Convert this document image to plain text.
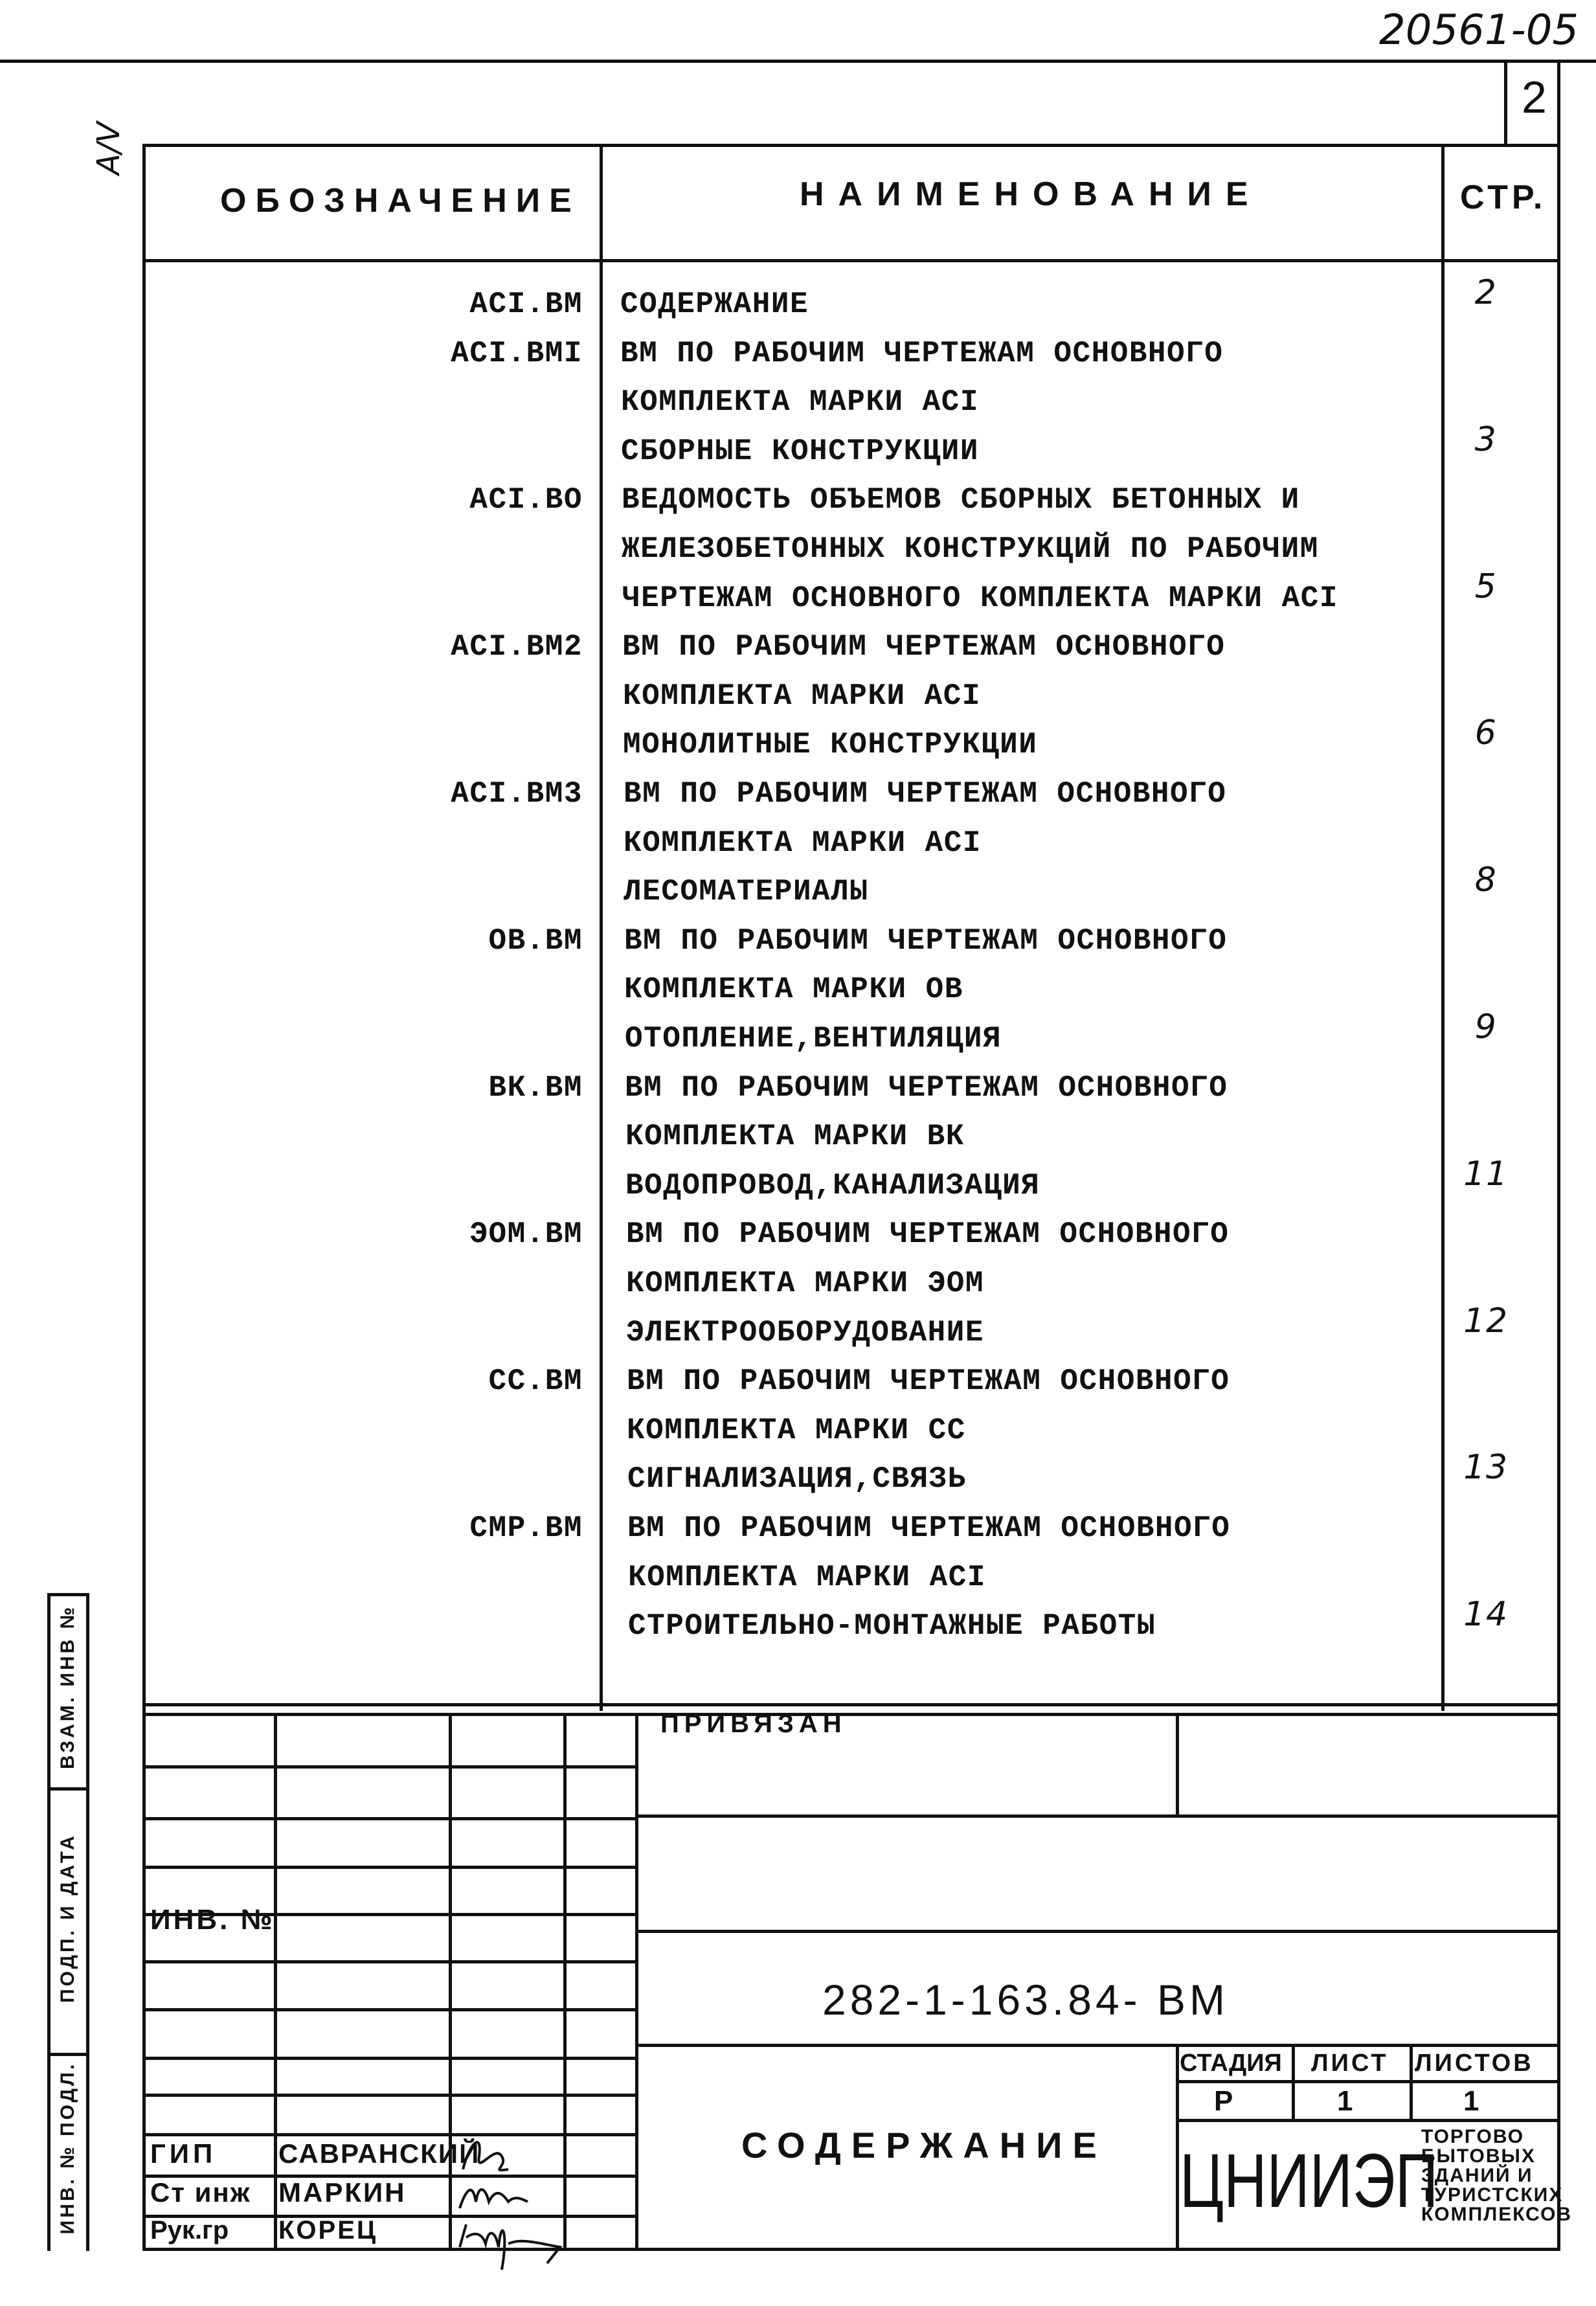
20561-05
2
А/V
ОБОЗНАЧЕНИЕ	НАИМЕНОВАНИЕ	СТР.
АСI.ВМ СОДЕРЖАНИЕ	2
АСI.ВМI ВМ ПО РАБОЧИМ ЧЕРТЕЖАМ ОСНОВНОГО
КОМПЛЕКТА МАРКИ АСI
СБОРНЫЕ КОНСТРУКЦИИ	3
АСI.ВО ВЕДОМОСТЬ ОБЪЕМОВ СБОРНЫХ БЕТОННЫХ И
ЖЕЛЕЗОБЕТОННЫХ КОНСТРУКЦИЙ ПО РАБОЧИМ
ЧЕРТЕЖАМ ОСНОВНОГО КОМПЛЕКТА МАРКИ АСI	5
АСI.ВМ2 ВМ ПО РАБОЧИМ ЧЕРТЕЖАМ ОСНОВНОГО
КОМПЛЕКТА МАРКИ АСI
МОНОЛИТНЫЕ КОНСТРУКЦИИ	6
АСI.ВМ3 ВМ ПО РАБОЧИМ ЧЕРТЕЖАМ ОСНОВНОГО
КОМПЛЕКТА МАРКИ АСI
ЛЕСОМАТЕРИАЛЫ	8
ОВ.ВМ ВМ ПО РАБОЧИМ ЧЕРТЕЖАМ ОСНОВНОГО
КОМПЛЕКТА МАРКИ ОВ
ОТОПЛЕНИЕ,ВЕНТИЛЯЦИЯ	9
ВК.ВМ ВМ ПО РАБОЧИМ ЧЕРТЕЖАМ ОСНОВНОГО
КОМПЛЕКТА МАРКИ ВК
ВОДОПРОВОД,КАНАЛИЗАЦИЯ	11
ЭОМ.ВМ ВМ ПО РАБОЧИМ ЧЕРТЕЖАМ ОСНОВНОГО
КОМПЛЕКТА МАРКИ ЭОМ
ЭЛЕКТРООБОРУДОВАНИЕ	12
СС.ВМ ВМ ПО РАБОЧИМ ЧЕРТЕЖАМ ОСНОВНОГО
КОМПЛЕКТА МАРКИ СС
СИГНАЛИЗАЦИЯ,СВЯЗЬ	13
СМР.ВМ ВМ ПО РАБОЧИМ ЧЕРТЕЖАМ ОСНОВНОГО
КОМПЛЕКТА МАРКИ АСI
СТРОИТЕЛЬНО-МОНТАЖНЫЕ РАБОТЫ	14
ВЗАМ. ИНВ №
ПОДП. И ДАТА
ИНВ. № ПОДЛ.
ПРИВЯЗАН
ИНВ. №
282-1-163.84- ВМ
СОДЕРЖАНИЕ
СТАДИЯ ЛИСТ ЛИСТОВ
Р	1	1
ЦНИИЭП
ТОРГОВО
БЫТОВЫХ
ЗДАНИЙ И
ТУРИСТСКИХ
КОМПЛЕКСОВ
ГИП САВРАНСКИЙ
Ст инж МАРКИН
Рук.гр КОРЕЦ
